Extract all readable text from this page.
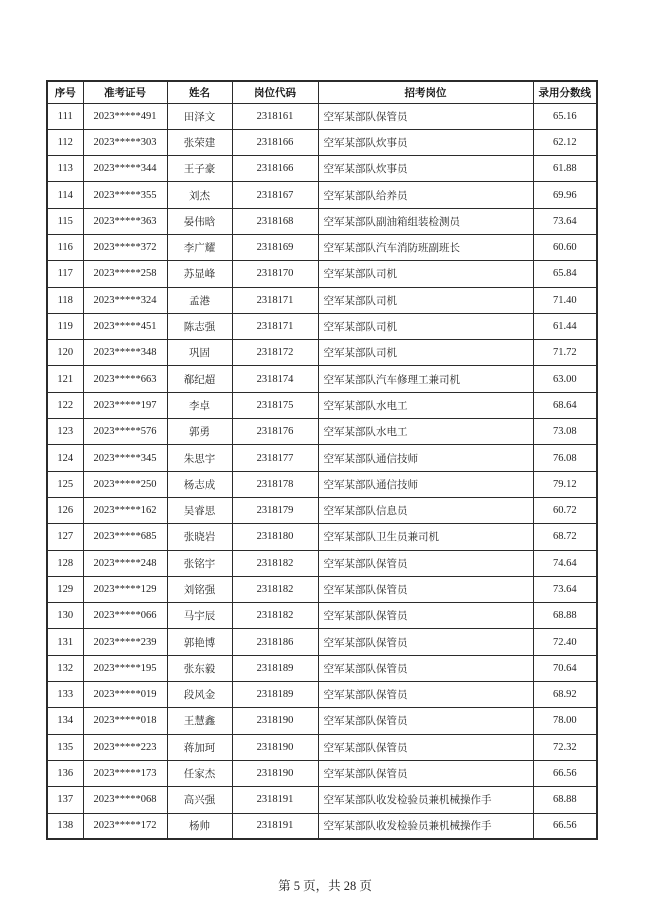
序号	准考证号	姓名	岗位代码	招考岗位	录用分数线
111	2023*****491	田泽文	2318161	空军某部队保管员	65.16
112	2023*****303	张荣建	2318166	空军某部队炊事员	62.12
113	2023*****344	王子豪	2318166	空军某部队炊事员	61.88
114	2023*****355	刘杰	2318167	空军某部队给养员	69.96
115	2023*****363	晏伟晗	2318168	空军某部队副油箱组装检测员	73.64
116	2023*****372	李广耀	2318169	空军某部队汽车消防班副班长	60.60
117	2023*****258	苏显峰	2318170	空军某部队司机	65.84
118	2023*****324	孟港	2318171	空军某部队司机	71.40
119	2023*****451	陈志强	2318171	空军某部队司机	61.44
120	2023*****348	巩固	2318172	空军某部队司机	71.72
121	2023*****663	郗纪超	2318174	空军某部队汽车修理工兼司机	63.00
122	2023*****197	李卓	2318175	空军某部队水电工	68.64
123	2023*****576	郭勇	2318176	空军某部队水电工	73.08
124	2023*****345	朱思宇	2318177	空军某部队通信技师	76.08
125	2023*****250	杨志成	2318178	空军某部队通信技师	79.12
126	2023*****162	吴睿思	2318179	空军某部队信息员	60.72
127	2023*****685	张晓岩	2318180	空军某部队卫生员兼司机	68.72
128	2023*****248	张铭宇	2318182	空军某部队保管员	74.64
129	2023*****129	刘铭强	2318182	空军某部队保管员	73.64
130	2023*****066	马宇辰	2318182	空军某部队保管员	68.88
131	2023*****239	郭艳博	2318186	空军某部队保管员	72.40
132	2023*****195	张东毅	2318189	空军某部队保管员	70.64
133	2023*****019	段风金	2318189	空军某部队保管员	68.92
134	2023*****018	王慧鑫	2318190	空军某部队保管员	78.00
135	2023*****223	蒋加珂	2318190	空军某部队保管员	72.32
136	2023*****173	任家杰	2318190	空军某部队保管员	66.56
137	2023*****068	高兴强	2318191	空军某部队收发检验员兼机械操作手	68.88
138	2023*****172	杨帅	2318191	空军某部队收发检验员兼机械操作手	66.56
第 5 页，共 28 页
